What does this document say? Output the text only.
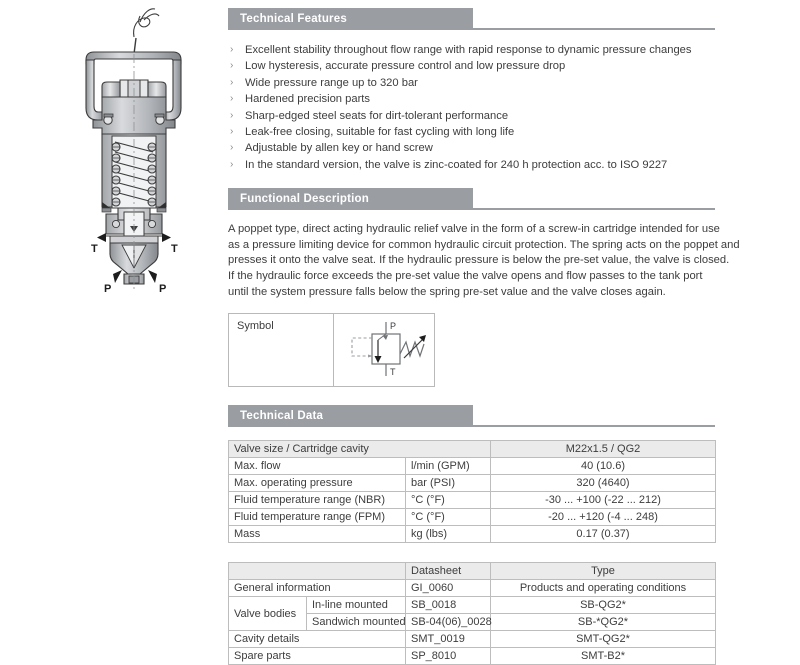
T	T
P	P
Technical Features
› Excellent stability throughout flow range with rapid response to dynamic pressure changes
› Low hysteresis, accurate pressure control and low pressure drop
› Wide pressure range up to 320 bar
› Hardened precision parts
› Sharp-edged steel seats for dirt-tolerant performance
› Leak-free closing, suitable for fast cycling with long life
› Adjustable by allen key or hand screw
› In the standard version, the valve is zinc-coated for 240 h protection acc. to ISO 9227
Functional Description
A poppet type, direct acting hydraulic relief valve in the form of a screw-in cartridge intended for use
as a pressure limiting device for common hydraulic circuit protection. The spring acts on the poppet and
presses it onto the valve seat. If the hydraulic pressure is below the pre-set value, the valve is closed.
If the hydraulic force exceeds the pre-set value the valve opens and flow passes to the tank port
until the system pressure falls below the spring pre-set value and the valve closes again.
Symbol	P
T
Technical Data
Valve size / Cartridge cavity		M22x1.5 / QG2
Max. flow	l/min (GPM)	40 (10.6)
Max. operating pressure	bar (PSI)	320 (4640)
Fluid temperature range (NBR)	°C (°F)	-30 ... +100 (-22 ... 212)
Fluid temperature range (FPM)	°C (°F)	-20 ... +120 (-4 ... 248)
Mass	kg (lbs)	0.17 (0.37)
		Datasheet	Type
General information		GI_0060	Products and operating conditions
Valve bodies	In-line mounted	SB_0018	SB-QG2*
	Sandwich mounted	SB-04(06)_0028	SB-*QG2*
Cavity details		SMT_0019	SMT-QG2*
Spare parts		SP_8010	SMT-B2*
